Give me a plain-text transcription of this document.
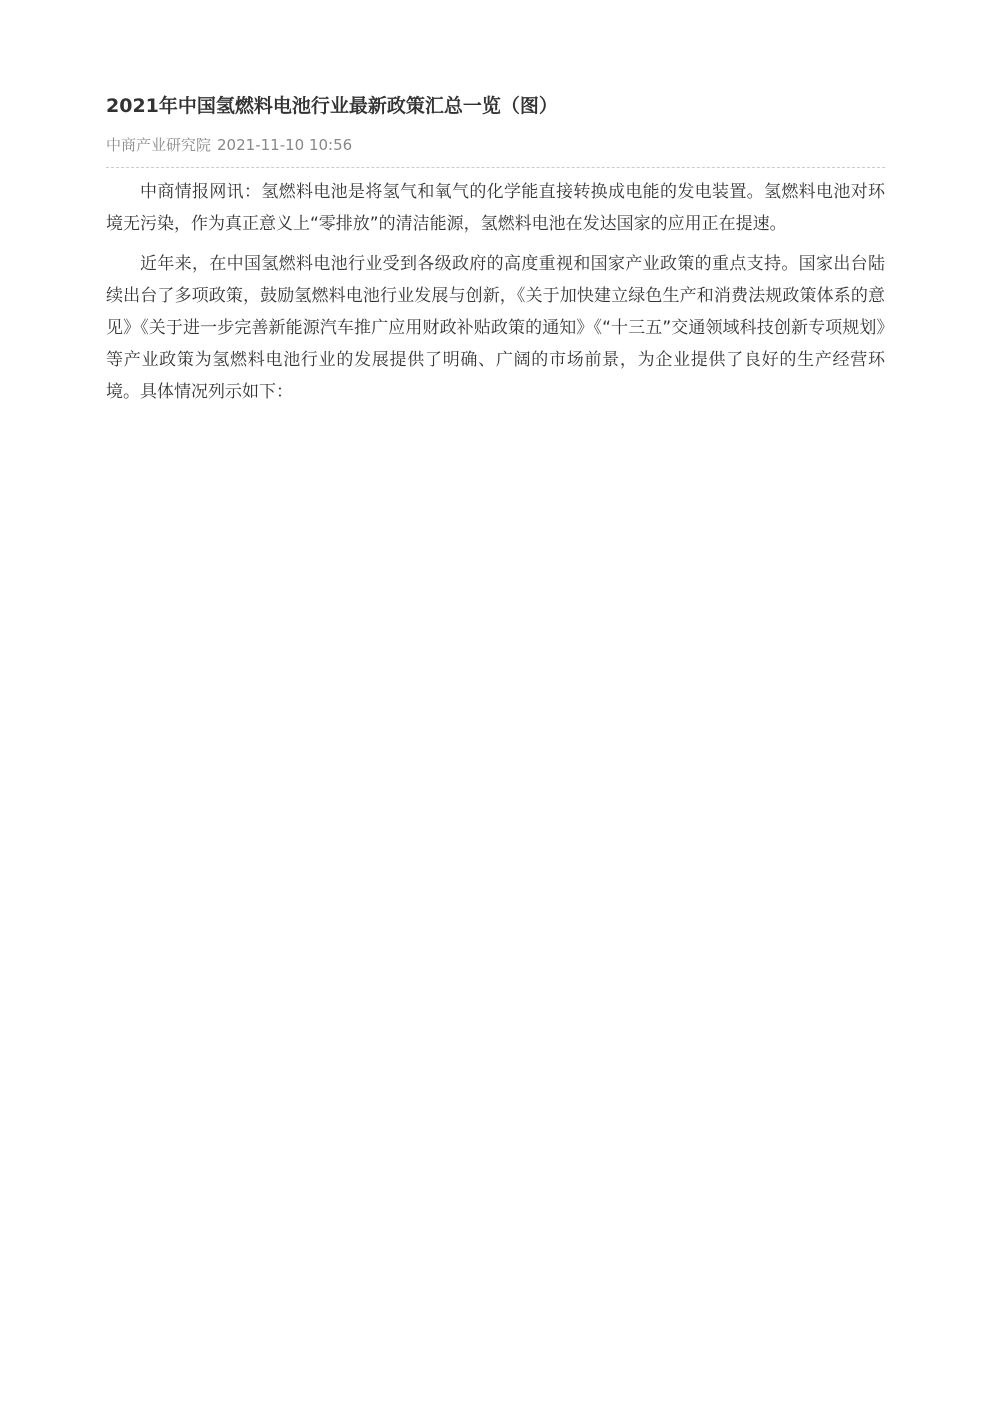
2021年中国氢燃料电池行业最新政策汇总一览（图）
中商产业研究院 2021-11-10 10:56

中商情报网讯：氢燃料电池是将氢气和氧气的化学能直接转换成电能的发电装置。氢燃料电池对环境无污染，作为真正意义上“零排放”的清洁能源，氢燃料电池在发达国家的应用正在提速。

近年来，在中国氢燃料电池行业受到各级政府的高度重视和国家产业政策的重点支持。国家出台陆续出台了多项政策，鼓励氢燃料电池行业发展与创新，《关于加快建立绿色生产和消费法规政策体系的意见》《关于进一步完善新能源汽车推广应用财政补贴政策的通知》《“十三五”交通领域科技创新专项规划》等产业政策为氢燃料电池行业的发展提供了明确、广阔的市场前景，为企业提供了良好的生产经营环境。具体情况列示如下：
